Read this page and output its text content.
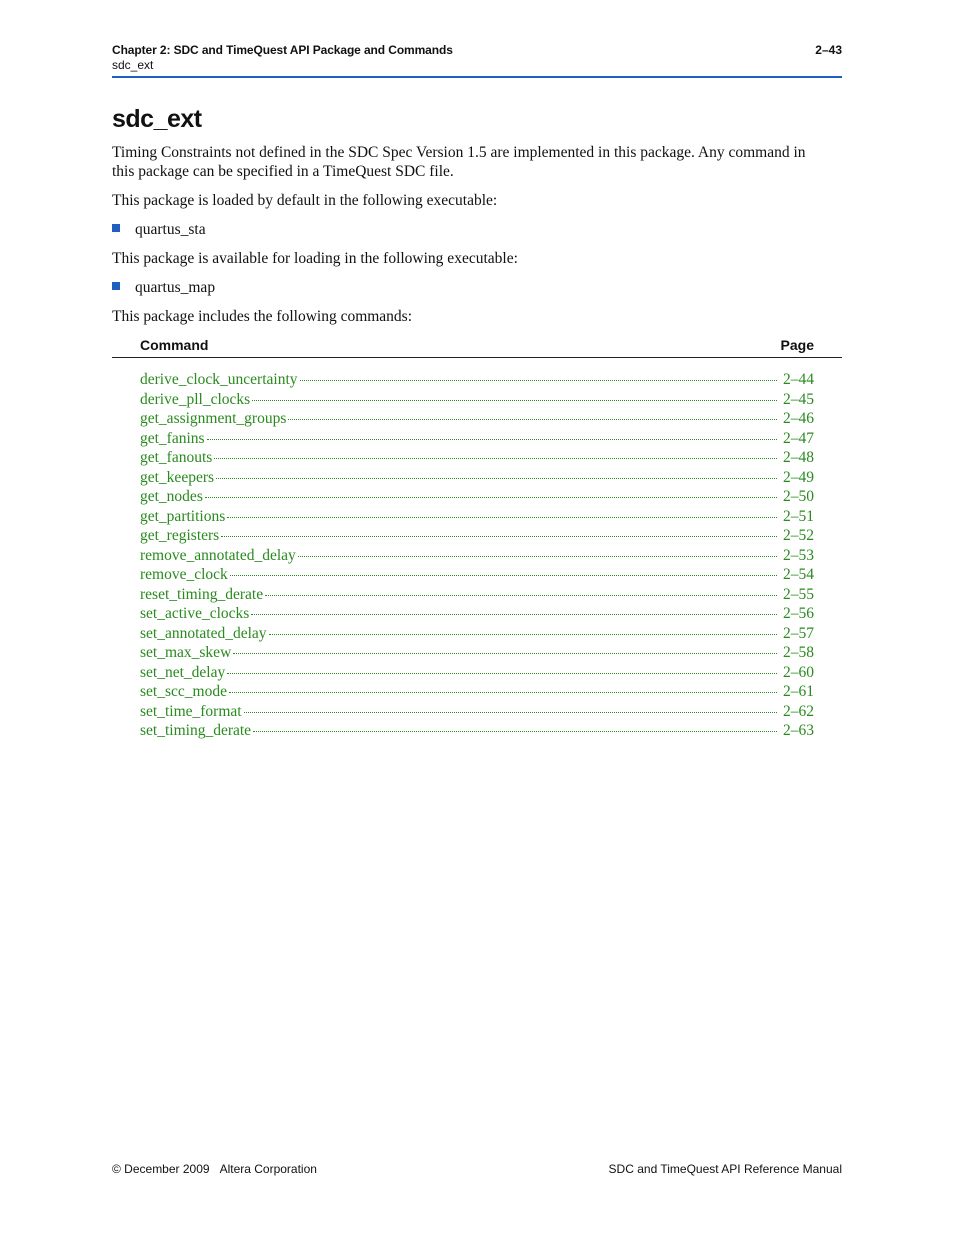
Chapter 2: SDC and TimeQuest API Package and Commands
sdc_ext
2–43
sdc_ext

Timing Constraints not defined in the SDC Spec Version 1.5 are implemented in this package. Any command in this package can be specified in a TimeQuest SDC file.

This package is loaded by default in the following executable:

quartus_sta

This package is available for loading in the following executable:

quartus_map

This package includes the following commands:

Command	Page
derive_clock_uncertainty	2–44
derive_pll_clocks	2–45
get_assignment_groups	2–46
get_fanins	2–47
get_fanouts	2–48
get_keepers	2–49
get_nodes	2–50
get_partitions	2–51
get_registers	2–52
remove_annotated_delay	2–53
remove_clock	2–54
reset_timing_derate	2–55
set_active_clocks	2–56
set_annotated_delay	2–57
set_max_skew	2–58
set_net_delay	2–60
set_scc_mode	2–61
set_time_format	2–62
set_timing_derate	2–63
© December 2009 Altera Corporation	SDC and TimeQuest API Reference Manual
